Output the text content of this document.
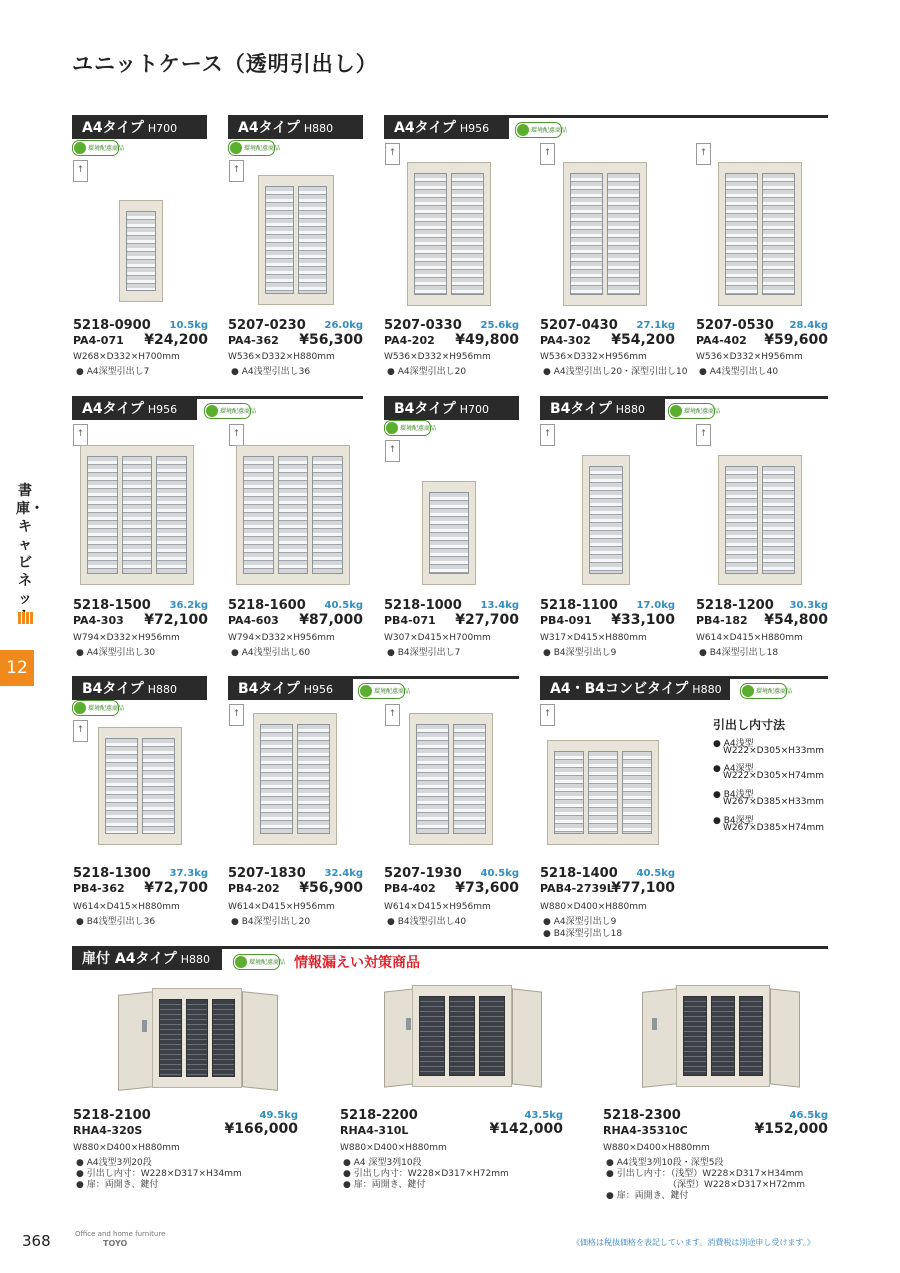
ユニットケース（透明引出し）
A4タイプ H700	A4タイプ H880	A4タイプ H956
環境配慮商品	環境配慮商品
環境配慮商品
↑	↑
↑	↑	↑
5218-0900	10.5kg
PA4-071	¥24,200
W268×D332×H700mm
● A4深型引出し7
5207-0230	26.0kg
PA4-362	¥56,300
W536×D332×H880mm
● A4浅型引出し36
5207-0330	25.6kg
PA4-202	¥49,800
W536×D332×H956mm
● A4深型引出し20
5207-0430	27.1kg
PA4-302	¥54,200
W536×D332×H956mm
● A4浅型引出し20・深型引出し10
5207-0530	28.4kg
PA4-402	¥59,600
W536×D332×H956mm
● A4浅型引出し40
A4タイプ H956	B4タイプ H700	B4タイプ H880
環境配慮商品
環境配慮商品
環境配慮商品
↑	↑
↑
↑	↑
5218-1500	36.2kg
PA4-303	¥72,100
W794×D332×H956mm
● A4深型引出し30
5218-1600	40.5kg
PA4-603	¥87,000
W794×D332×H956mm
● A4浅型引出し60
5218-1000	13.4kg
PB4-071	¥27,700
W307×D415×H700mm
● B4深型引出し7
5218-1100	17.0kg
PB4-091	¥33,100
W317×D415×H880mm
● B4深型引出し9
5218-1200	30.3kg
PB4-182	¥54,800
W614×D415×H880mm
● B4深型引出し18
B4タイプ H880	B4タイプ H956	A4・B4コンビタイプ H880
環境配慮商品
環境配慮商品	環境配慮商品
↑
↑	↑	↑
引出し内寸法
● A4浅型
W222×D305×H33mm
● A4深型
W222×D305×H74mm
● B4浅型
W267×D385×H33mm
● B4深型
W267×D385×H74mm
5218-1300	37.3kg
PB4-362	¥72,700
W614×D415×H880mm
● B4浅型引出し36
5207-1830	32.4kg
PB4-202	¥56,900
W614×D415×H956mm
● B4深型引出し20
5207-1930	40.5kg
PB4-402	¥73,600
W614×D415×H956mm
● B4浅型引出し40
5218-1400	40.5kg
PAB4-2739L
¥77,100
W880×D400×H880mm
● A4深型引出し9
● B4深型引出し18
扉付 A4タイプ H880	環境配慮商品 情報漏えい対策商品
5218-2100	49.5kg
RHA4-320S	¥166,000
W880×D400×H880mm
● A4浅型3列20段
● 引出し内寸：W228×D317×H34mm
● 扉：両開き、鍵付
5218-2200	43.5kg
RHA4-310L	¥142,000
W880×D400×H880mm
● A4 深型3列10段
● 引出し内寸：W228×D317×H72mm
● 扉：両開き、鍵付
5218-2300	46.5kg
RHA4-35310C	¥152,000
W880×D400×H880mm
● A4浅型3列10段・深型5段
● 引出し内寸：（浅型）W228×D317×H34mm
（深型）W228×D317×H72mm
● 扉：両開き、鍵付
書庫・キャビネッ
12
368	Office and home furniture
TOYO	《価格は税抜価格を表記しています。消費税は別途申し受けます。》
